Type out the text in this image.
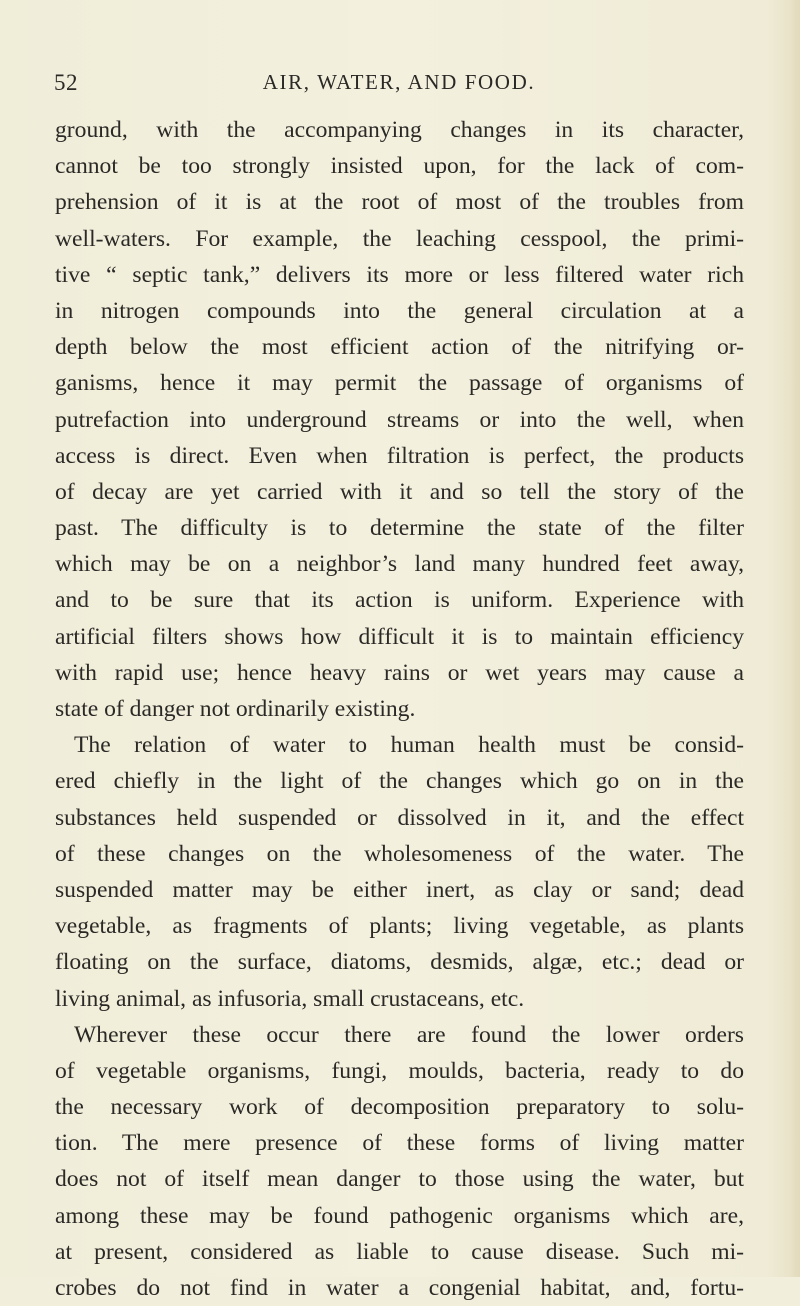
52	AIR, WATER, AND FOOD.
ground, with the accompanying changes in its character,
cannot be too strongly insisted upon, for the lack of com-
prehension of it is at the root of most of the troubles from
well-waters. For example, the leaching cesspool, the primi-
tive “ septic tank,” delivers its more or less filtered water rich
in nitrogen compounds into the general circulation at a
depth below the most efficient action of the nitrifying or-
ganisms, hence it may permit the passage of organisms of
putrefaction into underground streams or into the well, when
access is direct. Even when filtration is perfect, the products
of decay are yet carried with it and so tell the story of the
past. The difficulty is to determine the state of the filter
which may be on a neighbor’s land many hundred feet away,
and to be sure that its action is uniform. Experience with
artificial filters shows how difficult it is to maintain efficiency
with rapid use; hence heavy rains or wet years may cause a
state of danger not ordinarily existing.
The relation of water to human health must be consid-
ered chiefly in the light of the changes which go on in the
substances held suspended or dissolved in it, and the effect
of these changes on the wholesomeness of the water. The
suspended matter may be either inert, as clay or sand; dead
vegetable, as fragments of plants; living vegetable, as plants
floating on the surface, diatoms, desmids, algæ, etc.; dead or
living animal, as infusoria, small crustaceans, etc.
Wherever these occur there are found the lower orders
of vegetable organisms, fungi, moulds, bacteria, ready to do
the necessary work of decomposition preparatory to solu-
tion. The mere presence of these forms of living matter
does not of itself mean danger to those using the water, but
among these may be found pathogenic organisms which are,
at present, considered as liable to cause disease. Such mi-
crobes do not find in water a congenial habitat, and, fortu-
